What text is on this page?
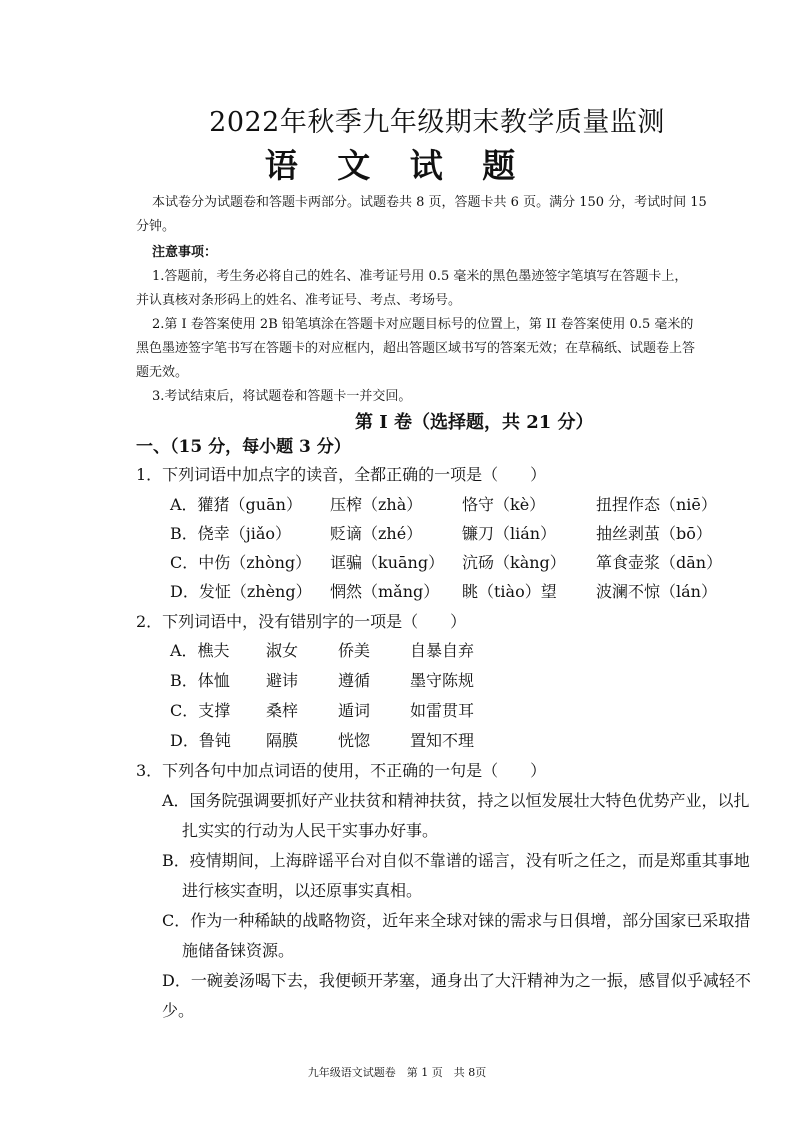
2022年秋季九年级期末教学质量监测
语 文 试 题
本试卷分为试题卷和答题卡两部分。试题卷共 8 页，答题卡共 6 页。满分 150 分，考试时间 15
分钟。
注意事项：
1.答题前，考生务必将自己的姓名、准考证号用 0.5 毫米的黑色墨迹签字笔填写在答题卡上，
并认真核对条形码上的姓名、准考证号、考点、考场号。
2.第 I 卷答案使用 2B 铅笔填涂在答题卡对应题目标号的位置上，第 II 卷答案使用 0.5 毫米的
黑色墨迹签字笔书写在答题卡的对应框内，超出答题区域书写的答案无效；在草稿纸、试题卷上答
题无效。
3.考试结束后，将试题卷和答题卡一并交回。
第 I 卷（选择题，共 21 分）
一、（15 分，每小题 3 分）
1．下列词语中加点字的读音，全都正确的一项是（　　）
A．獾猪（guān） 压榨（zhà） 恪守（kè）	扭捏作态（niē）
B．侥幸（jiǎo） 贬谪（zhé） 镰刀（lián） 抽丝剥茧（bō）
C．中伤（zhòng） 诓骗（kuāng） 沆砀（kàng） 箪食壶浆（dān）
D．发怔（zhèng） 惘然（mǎng） 眺（tiào）望 波澜不惊（lán）
2．下列词语中，没有错别字的一项是（　　）
A．樵夫 淑女 侨美 自暴自弃
B．体恤 避讳 遵循 墨守陈规
C．支撑 桑梓 遁词 如雷贯耳
D．鲁钝 隔膜 恍惚 置知不理
3．下列各句中加点词语的使用，不正确的一句是（　　）
A．国务院强调要抓好产业扶贫和精神扶贫，持之以恒发展壮大特色优势产业，以扎
扎实实的行动为人民干实事办好事。
B．疫情期间，上海辟谣平台对自似不靠谱的谣言，没有听之任之，而是郑重其事地
进行核实查明，以还原事实真相。
C．作为一种稀缺的战略物资，近年来全球对铼的需求与日俱增，部分国家已采取措
施储备铼资源。
D．一碗姜汤喝下去，我便顿开茅塞，通身出了大汗精神为之一振，感冒似乎减轻不
少。
九年级语文试题卷　第 1 页　共 8页
